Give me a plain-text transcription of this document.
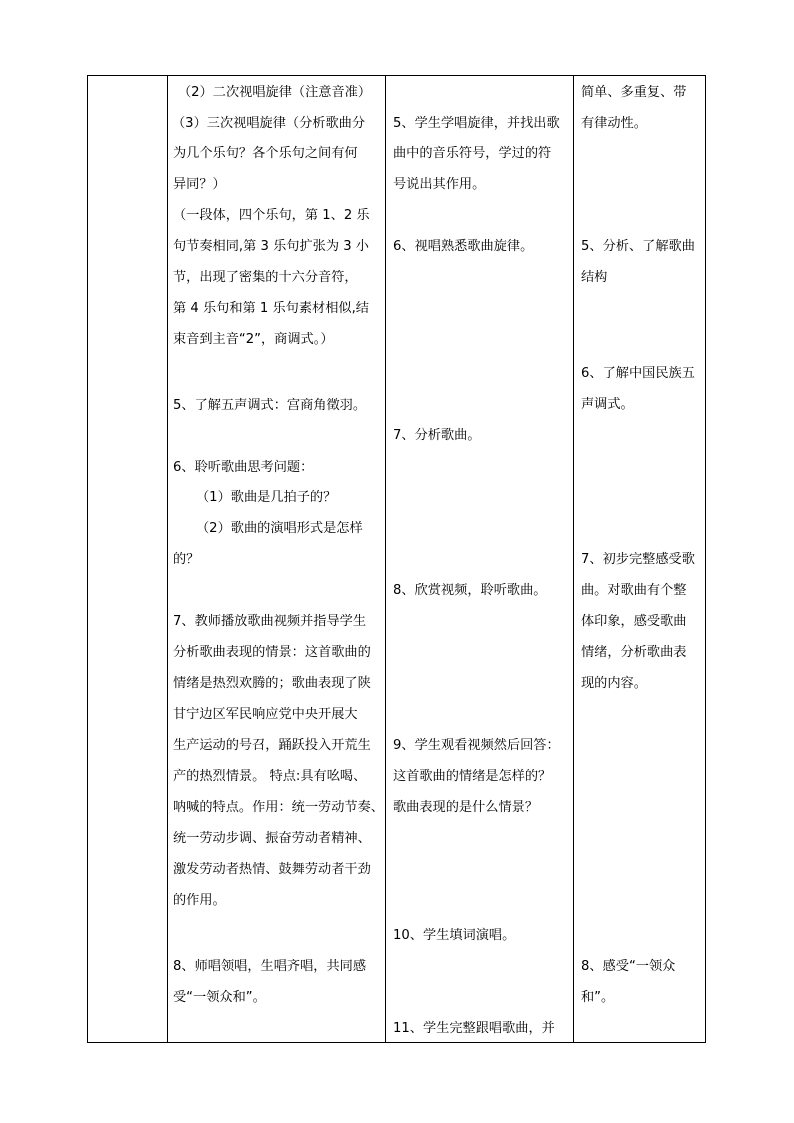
（2）二次视唱旋律（注意音准）
（3）三次视唱旋律（分析歌曲分
为几个乐句？各个乐句之间有何
异同？）
（一段体，四个乐句，第 1、2 乐
句节奏相同,第 3 乐句扩张为 3 小
节，出现了密集的十六分音符，
第 4 乐句和第 1 乐句素材相似,结
束音到主音“2”，商调式。）
5、了解五声调式：宫商角徵羽。
6、聆听歌曲思考问题：
（1）歌曲是几拍子的？
（2）歌曲的演唱形式是怎样
的？
7、教师播放歌曲视频并指导学生
分析歌曲表现的情景：这首歌曲的
情绪是热烈欢腾的；歌曲表现了陕
甘宁边区军民响应党中央开展大
生产运动的号召，踊跃投入开荒生
产的热烈情景。 特点:具有吆喝、
呐喊的特点。作用：统一劳动节奏、
统一劳动步调、振奋劳动者精神、
激发劳动者热情、鼓舞劳动者干劲
的作用。
8、师唱领唱，生唱齐唱，共同感
受“一领众和”。
5、学生学唱旋律，并找出歌
曲中的音乐符号，学过的符
号说出其作用。
6、视唱熟悉歌曲旋律。
7、分析歌曲。
8、欣赏视频，聆听歌曲。
9、学生观看视频然后回答：
这首歌曲的情绪是怎样的？
歌曲表现的是什么情景？
10、学生填词演唱。
11、学生完整跟唱歌曲，并
简单、多重复、带
有律动性。
5、分析、了解歌曲
结构
6、了解中国民族五
声调式。
7、初步完整感受歌
曲。对歌曲有个整
体印象，感受歌曲
情绪，分析歌曲表
现的内容。
8、感受“一领众
和”。
